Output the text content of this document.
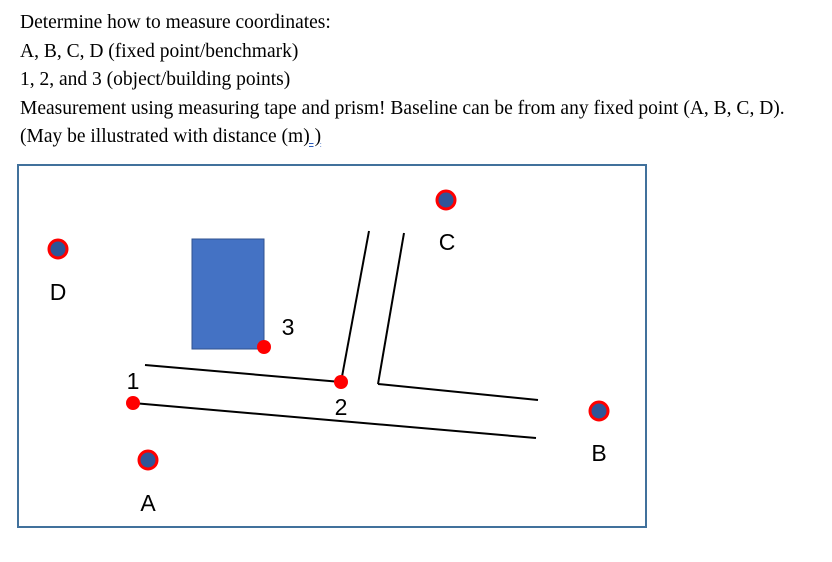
Determine how to measure coordinates:

A, B, C, D (fixed point/benchmark)

1, 2, and 3 (object/building points)

Measurement using measuring tape and prism! Baseline can be from any fixed point (A, B, C, D). (May be illustrated with distance (m) )

D
C
B
A
1
2
3
